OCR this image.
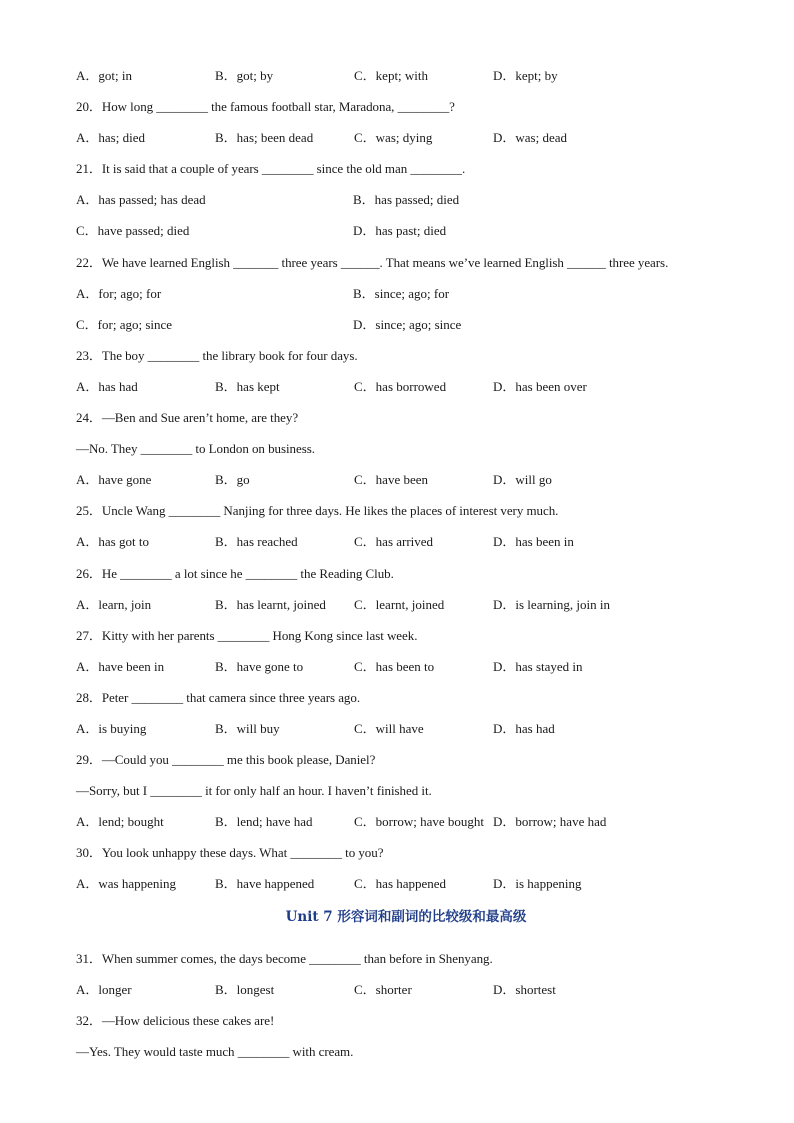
A．got; in	B．got; by	C．kept; with	D．kept; by
20．How long ________ the famous football star, Maradona, ________?
A．has; died	B．has; been dead	C．was; dying	D．was; dead
21．It is said that a couple of years ________ since the old man ________.
A．has passed; has dead	B．has passed; died
C．have passed; died	D．has past; died
22．We have learned English _______ three years ______. That means we’ve learned English ______ three years.
A．for; ago; for	B．since; ago; for
C．for; ago; since	D．since; ago; since
23．The boy ________ the library book for four days.
A．has had	B．has kept	C．has borrowed	D．has been over
24．—Ben and Sue aren’t home, are they?
—No. They ________ to London on business.
A．have gone	B．go	C．have been	D．will go
25．Uncle Wang ________ Nanjing for three days. He likes the places of interest very much.
A．has got to	B．has reached	C．has arrived	D．has been in
26．He ________ a lot since he ________ the Reading Club.
A．learn, join	B．has learnt, joined	C．learnt, joined	D．is learning, join in
27．Kitty with her parents ________ Hong Kong since last week.
A．have been in	B．have gone to	C．has been to	D．has stayed in
28．Peter ________ that camera since three years ago.
A．is buying	B．will buy	C．will have	D．has had
29．—Could you ________ me this book please, Daniel?
—Sorry, but I ________ it for only half an hour. I haven’t finished it.
A．lend; bought	B．lend; have had	C．borrow; have bought D．borrow; have had
30．You look unhappy these days. What ________ to you?
A．was happening	B．have happened	C．has happened	D．is happening
Unit 7 形容词和副词的比较级和最高级
31．When summer comes, the days become ________ than before in Shenyang.
A．longer	B．longest	C．shorter	D．shortest
32．—How delicious these cakes are!
—Yes. They would taste much ________ with cream.
